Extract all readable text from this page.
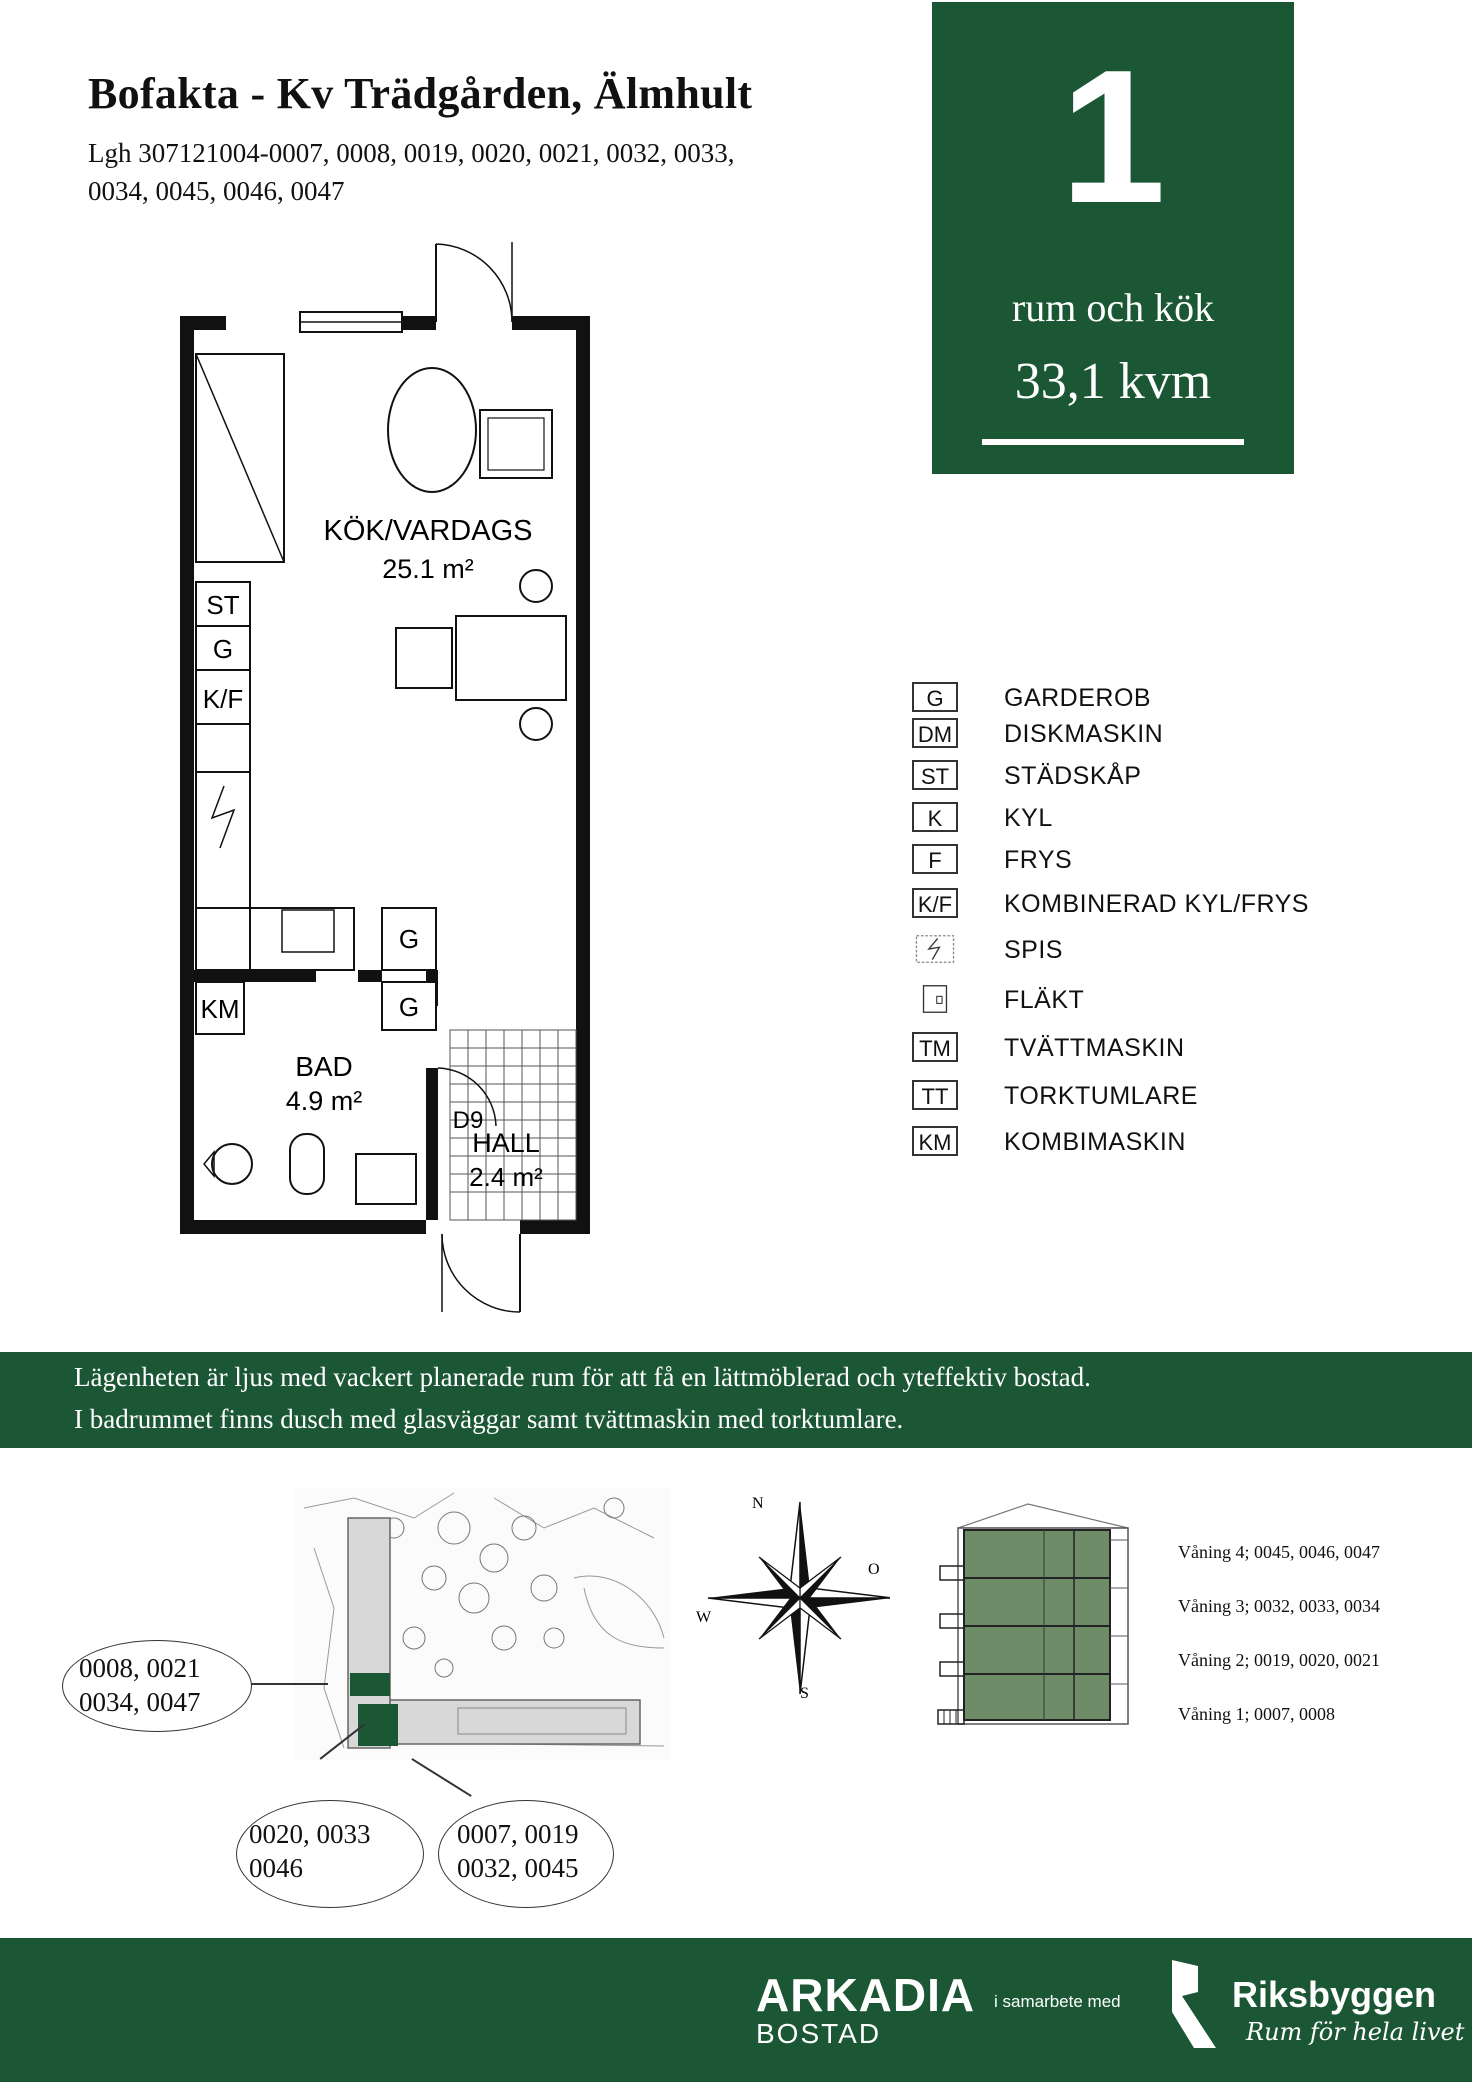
Bofakta - Kv Trädgården, Älmhult
Lgh 307121004-0007, 0008, 0019, 0020, 0021, 0032, 0033,
0034, 0045, 0046, 0047	1
rum och kök
33,1 kvm
ST
G
K/F
G
G
KM
KÖK/VARDAGS
25.1 m²
BAD
4.9 m²
D9
HALL
2.4 m²
G	GARDEROB
DM DISKMASKIN
ST	STÄDSKÅP
K	KYL
F	FRYS
K/F KOMBINERAD KYL/FRYS
SPIS
FLÄKT
TM TVÄTTMASKIN
TT	TORKTUMLARE
KM KOMBIMASKIN
Lägenheten är ljus med vackert planerade rum för att få en lättmöblerad och yteffektiv bostad.
I badrummet finns dusch med glasväggar samt tvättmaskin med torktumlare.
0008, 0021
0034, 0047
0020, 0033
0046
0007, 0019
0032, 0045
N
S
W
O
Våning 4; 0045, 0046, 0047
Våning 3; 0032, 0033, 0034
Våning 2; 0019, 0020, 0021
Våning 1; 0007, 0008
ARKADIA
BOSTAD
i samarbete med	Riksbyggen
Rum för hela livet
